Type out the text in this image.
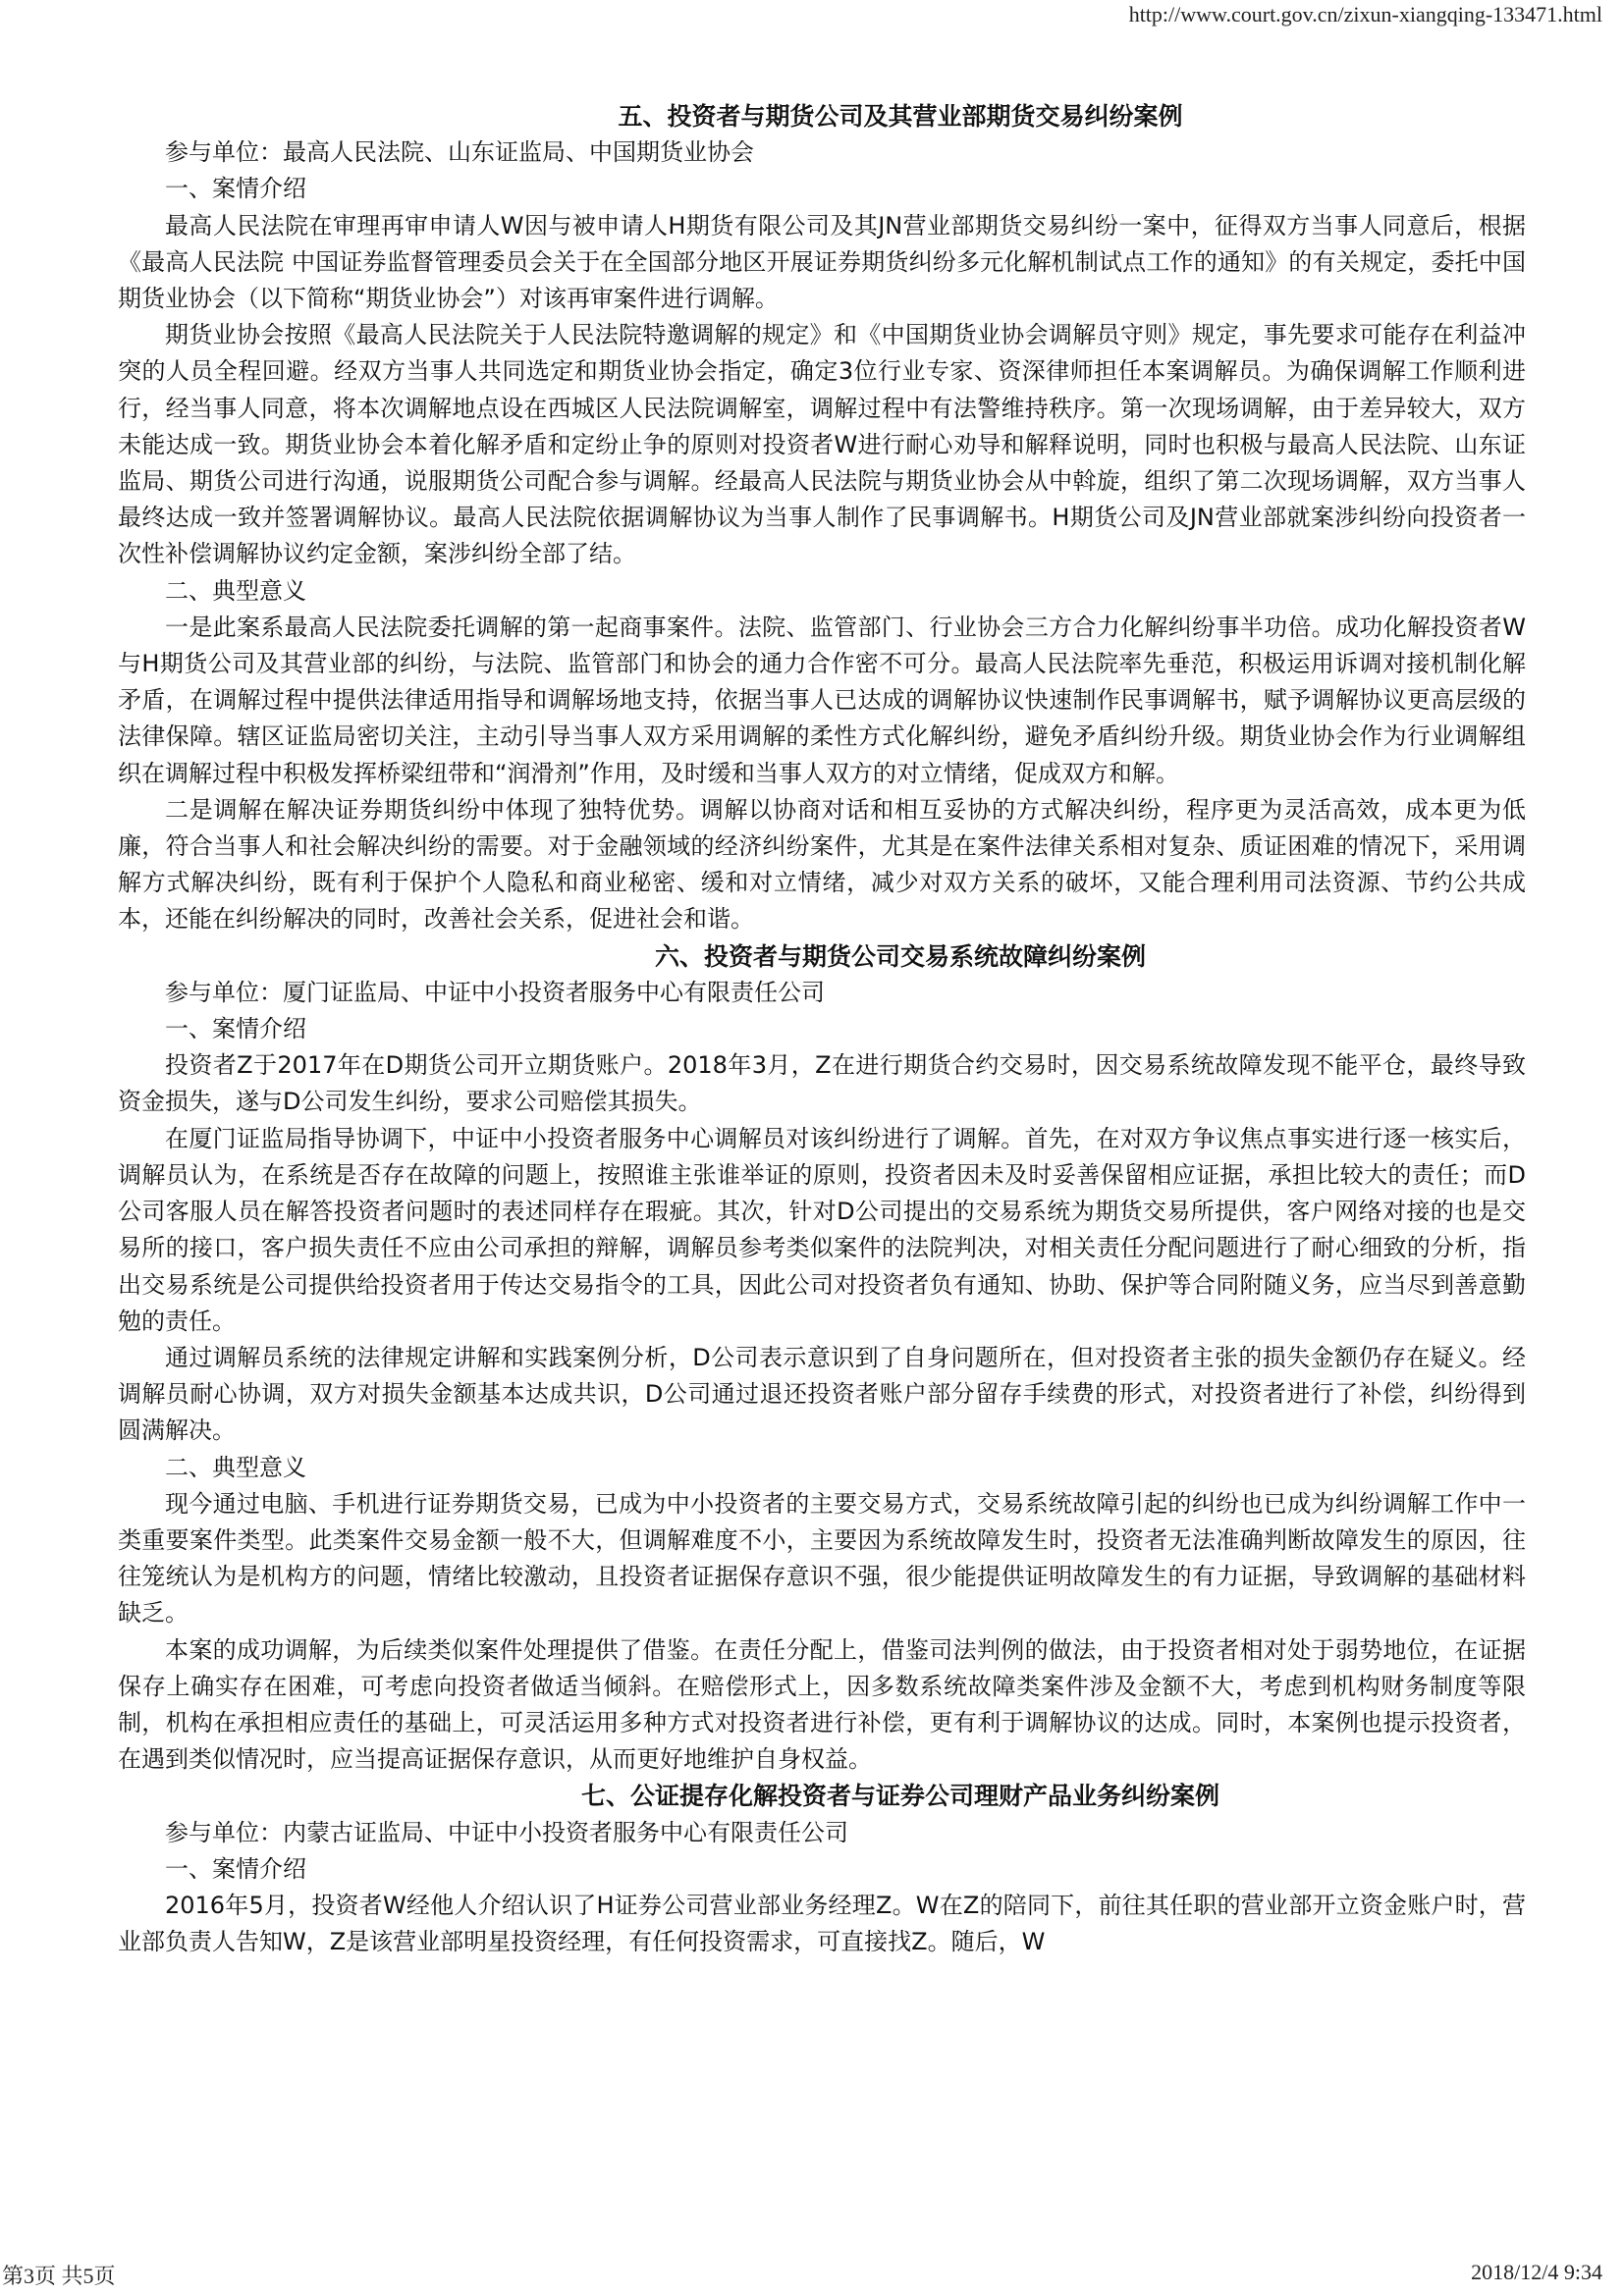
http://www.court.gov.cn/zixun-xiangqing-133471.html
五、投资者与期货公司及其营业部期货交易纠纷案例

参与单位：最高人民法院、山东证监局、中国期货业协会

一、案情介绍

最高人民法院在审理再审申请人W因与被申请人H期货有限公司及其JN营业部期货交易纠纷一案中，征得双方当事人同意后，根据《最高人民法院 中国证券监督管理委员会关于在全国部分地区开展证券期货纠纷多元化解机制试点工作的通知》的有关规定，委托中国期货业协会（以下简称“期货业协会”）对该再审案件进行调解。

期货业协会按照《最高人民法院关于人民法院特邀调解的规定》和《中国期货业协会调解员守则》规定，事先要求可能存在利益冲突的人员全程回避。经双方当事人共同选定和期货业协会指定，确定3位行业专家、资深律师担任本案调解员。为确保调解工作顺利进行，经当事人同意，将本次调解地点设在西城区人民法院调解室，调解过程中有法警维持秩序。第一次现场调解，由于差异较大，双方未能达成一致。期货业协会本着化解矛盾和定纷止争的原则对投资者W进行耐心劝导和解释说明，同时也积极与最高人民法院、山东证监局、期货公司进行沟通，说服期货公司配合参与调解。经最高人民法院与期货业协会从中斡旋，组织了第二次现场调解，双方当事人最终达成一致并签署调解协议。最高人民法院依据调解协议为当事人制作了民事调解书。H期货公司及JN营业部就案涉纠纷向投资者一次性补偿调解协议约定金额，案涉纠纷全部了结。

二、典型意义

一是此案系最高人民法院委托调解的第一起商事案件。法院、监管部门、行业协会三方合力化解纠纷事半功倍。成功化解投资者W与H期货公司及其营业部的纠纷，与法院、监管部门和协会的通力合作密不可分。最高人民法院率先垂范，积极运用诉调对接机制化解矛盾，在调解过程中提供法律适用指导和调解场地支持，依据当事人已达成的调解协议快速制作民事调解书，赋予调解协议更高层级的法律保障。辖区证监局密切关注，主动引导当事人双方采用调解的柔性方式化解纠纷，避免矛盾纠纷升级。期货业协会作为行业调解组织在调解过程中积极发挥桥梁纽带和“润滑剂”作用，及时缓和当事人双方的对立情绪，促成双方和解。

二是调解在解决证券期货纠纷中体现了独特优势。调解以协商对话和相互妥协的方式解决纠纷，程序更为灵活高效，成本更为低廉，符合当事人和社会解决纠纷的需要。对于金融领域的经济纠纷案件，尤其是在案件法律关系相对复杂、质证困难的情况下，采用调解方式解决纠纷，既有利于保护个人隐私和商业秘密、缓和对立情绪，减少对双方关系的破坏，又能合理利用司法资源、节约公共成本，还能在纠纷解决的同时，改善社会关系，促进社会和谐。

六、投资者与期货公司交易系统故障纠纷案例

参与单位：厦门证监局、中证中小投资者服务中心有限责任公司

一、案情介绍

投资者Z于2017年在D期货公司开立期货账户。2018年3月，Z在进行期货合约交易时，因交易系统故障发现不能平仓，最终导致资金损失，遂与D公司发生纠纷，要求公司赔偿其损失。

在厦门证监局指导协调下，中证中小投资者服务中心调解员对该纠纷进行了调解。首先，在对双方争议焦点事实进行逐一核实后，调解员认为，在系统是否存在故障的问题上，按照谁主张谁举证的原则，投资者因未及时妥善保留相应证据，承担比较大的责任；而D公司客服人员在解答投资者问题时的表述同样存在瑕疵。其次，针对D公司提出的交易系统为期货交易所提供，客户网络对接的也是交易所的接口，客户损失责任不应由公司承担的辩解，调解员参考类似案件的法院判决，对相关责任分配问题进行了耐心细致的分析，指出交易系统是公司提供给投资者用于传达交易指令的工具，因此公司对投资者负有通知、协助、保护等合同附随义务，应当尽到善意勤勉的责任。

通过调解员系统的法律规定讲解和实践案例分析，D公司表示意识到了自身问题所在，但对投资者主张的损失金额仍存在疑义。经调解员耐心协调，双方对损失金额基本达成共识，D公司通过退还投资者账户部分留存手续费的形式，对投资者进行了补偿，纠纷得到圆满解决。

二、典型意义

现今通过电脑、手机进行证券期货交易，已成为中小投资者的主要交易方式，交易系统故障引起的纠纷也已成为纠纷调解工作中一类重要案件类型。此类案件交易金额一般不大，但调解难度不小，主要因为系统故障发生时，投资者无法准确判断故障发生的原因，往往笼统认为是机构方的问题，情绪比较激动，且投资者证据保存意识不强，很少能提供证明故障发生的有力证据，导致调解的基础材料缺乏。

本案的成功调解，为后续类似案件处理提供了借鉴。在责任分配上，借鉴司法判例的做法，由于投资者相对处于弱势地位，在证据保存上确实存在困难，可考虑向投资者做适当倾斜。在赔偿形式上，因多数系统故障类案件涉及金额不大，考虑到机构财务制度等限制，机构在承担相应责任的基础上，可灵活运用多种方式对投资者进行补偿，更有利于调解协议的达成。同时，本案例也提示投资者，在遇到类似情况时，应当提高证据保存意识，从而更好地维护自身权益。

七、公证提存化解投资者与证券公司理财产品业务纠纷案例

参与单位：内蒙古证监局、中证中小投资者服务中心有限责任公司

一、案情介绍

2016年5月，投资者W经他人介绍认识了H证券公司营业部业务经理Z。W在Z的陪同下，前往其任职的营业部开立资金账户时，营业部负责人告知W，Z是该营业部明星投资经理，有任何投资需求，可直接找Z。随后，W

第3页 共5页	2018/12/4 9:34
